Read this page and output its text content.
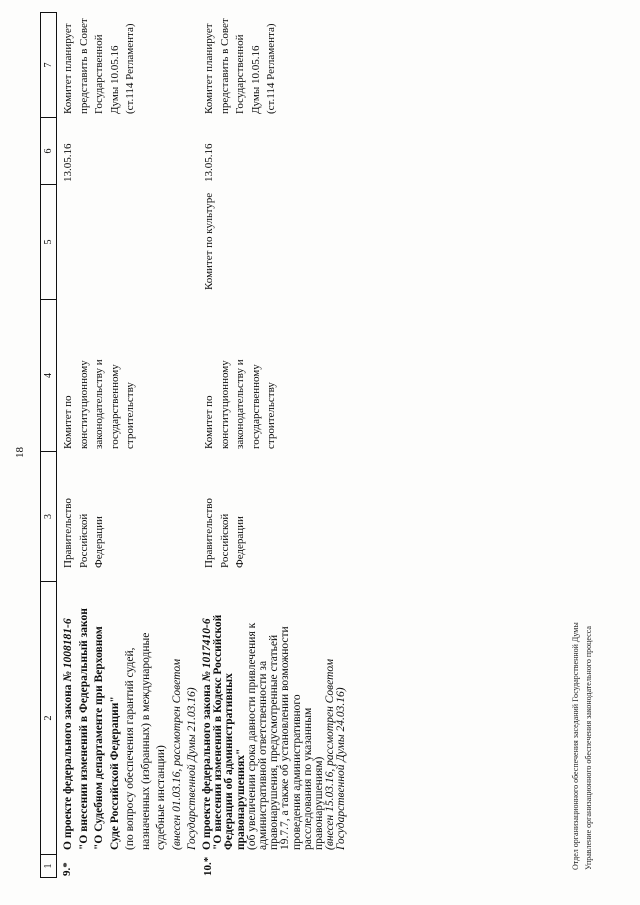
18
1
2
3
4
5
6
7
9.*
О проекте федерального закона № 1008181-6 "О внесении изменений в Федеральный закон "О Судебном департаменте при Верховном Суде Российской Федерации" (по вопросу обеспечения гарантий судей, назначенных (избранных) в международные судебные инстанции) (внесен 01.03.16, рассмотрен Советом Государственной Думы 21.03.16)
Правительство Российской Федерации
Комитет по конституционному законодательству и государственному строительству
13.05.16
Комитет планирует представить в Совет Государственной Думы 10.05.16 (ст.114 Регламента)
10.*
О проекте федерального закона № 1017410-6 "О внесении изменений в Кодекс Российской Федерации об административных правонарушениях" (об увеличении срока давности привлечения к административной ответственности за правонарушения, предусмотренные статьей 19.7.7, а также об установлении возможности проведения административного расследования по указанным правонарушениям) (внесен 15.03.16, рассмотрен Советом Государственной Думы 24.03.16)
Правительство Российской Федерации
Комитет по конституционному законодательству и государственному строительству
Комитет по культуре
13.05.16
Комитет планирует представить в Совет Государственной Думы 10.05.16 (ст.114 Регламента)
Отдел организационного обеспечения заседаний Государственной Думы Управление организационного обеспечения законодательного процесса
